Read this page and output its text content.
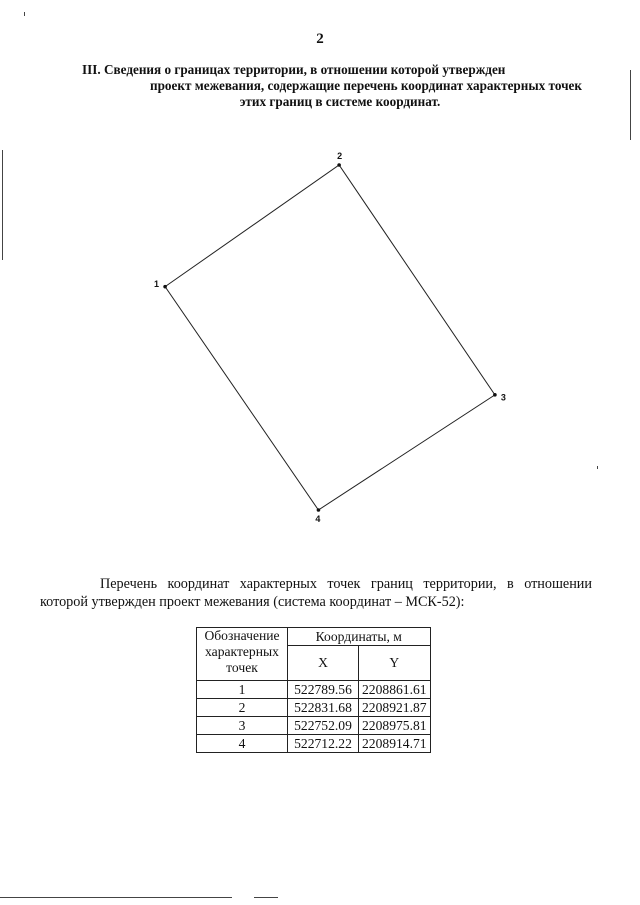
2
III. Сведения о границах территории, в отношении которой утвержден
проект межевания, содержащие перечень координат характерных точек
этих границ в системе координат.
1
2
3
4
Перечень координат характерных точек границ территории, в отношении
которой утвержден проект межевания (система координат – МСК-52):
Обозначение характерных точек	Координаты, м	
	X	Y
1	522789.56	2208861.61
2	522831.68	2208921.87
3	522752.09	2208975.81
4	522712.22	2208914.71
